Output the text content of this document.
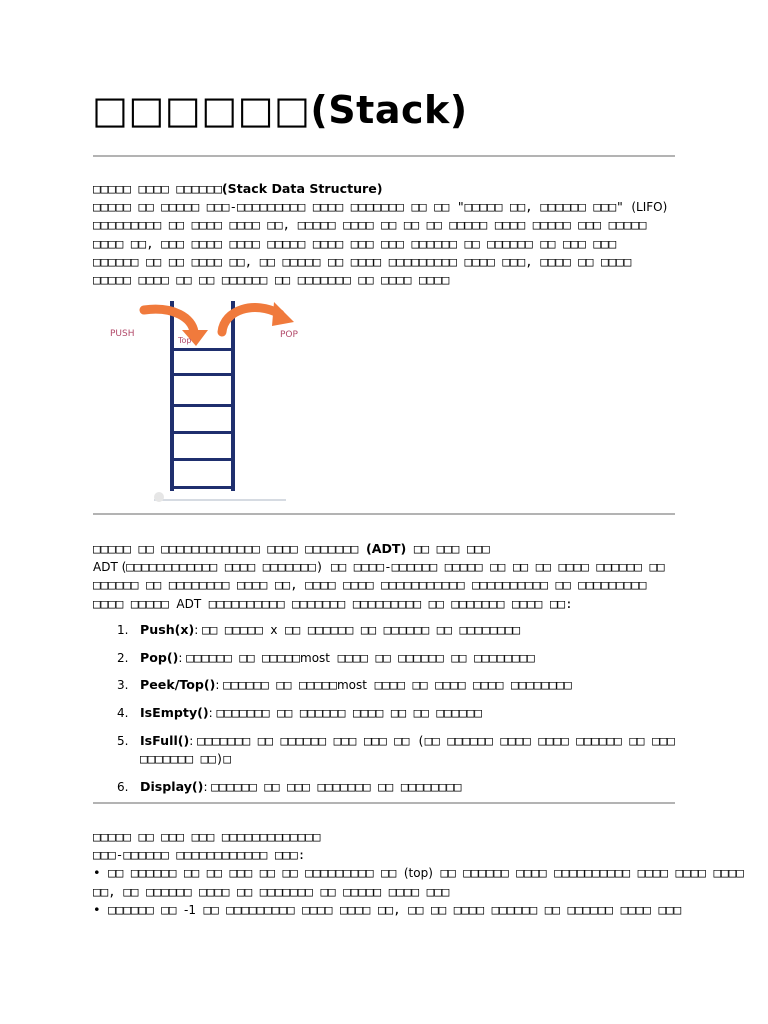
□□□□□□(Stack)
□□□□□ □□□□ □□□□□□(Stack Data Structure)
□□□□□ □□ □□□□□ □□□-□□□□□□□□□ □□□□ □□□□□□□ □□ □□ "□□□□□ □□, □□□□□□ □□□" (LIFO)
□□□□□□□□□ □□ □□□□ □□□□ □□, □□□□□ □□□□ □□ □□ □□ □□□□□ □□□□ □□□□□ □□□ □□□□□
□□□□ □□, □□□ □□□□ □□□□ □□□□□ □□□□ □□□ □□□ □□□□□□ □□ □□□□□□ □□ □□□ □□□
□□□□□□ □□ □□ □□□□ □□, □□ □□□□□ □□ □□□□ □□□□□□□□□ □□□□ □□□, □□□□ □□ □□□□
□□□□□ □□□□ □□ □□ □□□□□□ □□ □□□□□□□ □□ □□□□ □□□□
PUSH
Top
POP
□□□□□ □□ □□□□□□□□□□□□□ □□□□ □□□□□□□ (ADT) □□ □□□ □□□
ADT (□□□□□□□□□□□□ □□□□ □□□□□□□) □□ □□□□-□□□□□□ □□□□□ □□ □□ □□ □□□□ □□□□□□ □□
□□□□□□ □□ □□□□□□□□ □□□□ □□, □□□□ □□□□ □□□□□□□□□□□ □□□□□□□□□□ □□ □□□□□□□□□
□□□□ □□□□□ ADT □□□□□□□□□□ □□□□□□□ □□□□□□□□□ □□ □□□□□□□ □□□□ □□:
1. Push(x): □□ □□□□□ x □□ □□□□□□ □□ □□□□□□ □□ □□□□□□□□
2. Pop(): □□□□□□ □□ □□□□□most □□□□ □□ □□□□□□ □□ □□□□□□□□
3. Peek/Top(): □□□□□□ □□ □□□□□most □□□□ □□ □□□□ □□□□ □□□□□□□□
4. IsEmpty(): □□□□□□□ □□ □□□□□□ □□□□ □□ □□ □□□□□□
5. IsFull(): □□□□□□□ □□ □□□□□□ □□□ □□□ □□ (□□ □□□□□□ □□□□ □□□□ □□□□□□ □□ □□□
□□□□□□□ □□)□
6. Display(): □□□□□□ □□ □□□ □□□□□□□ □□ □□□□□□□□
□□□□□ □□ □□□ □□□ □□□□□□□□□□□□□
□□□-□□□□□□ □□□□□□□□□□□□ □□□:
• □□ □□□□□□ □□ □□ □□□ □□ □□ □□□□□□□□□ □□ (top) □□ □□□□□□ □□□□ □□□□□□□□□□ □□□□ □□□□ □□□□
□□, □□ □□□□□□ □□□□ □□ □□□□□□□ □□ □□□□□ □□□□ □□□
• □□□□□□ □□ -1 □□ □□□□□□□□□ □□□□ □□□□ □□, □□ □□ □□□□ □□□□□□ □□ □□□□□□ □□□□ □□□
